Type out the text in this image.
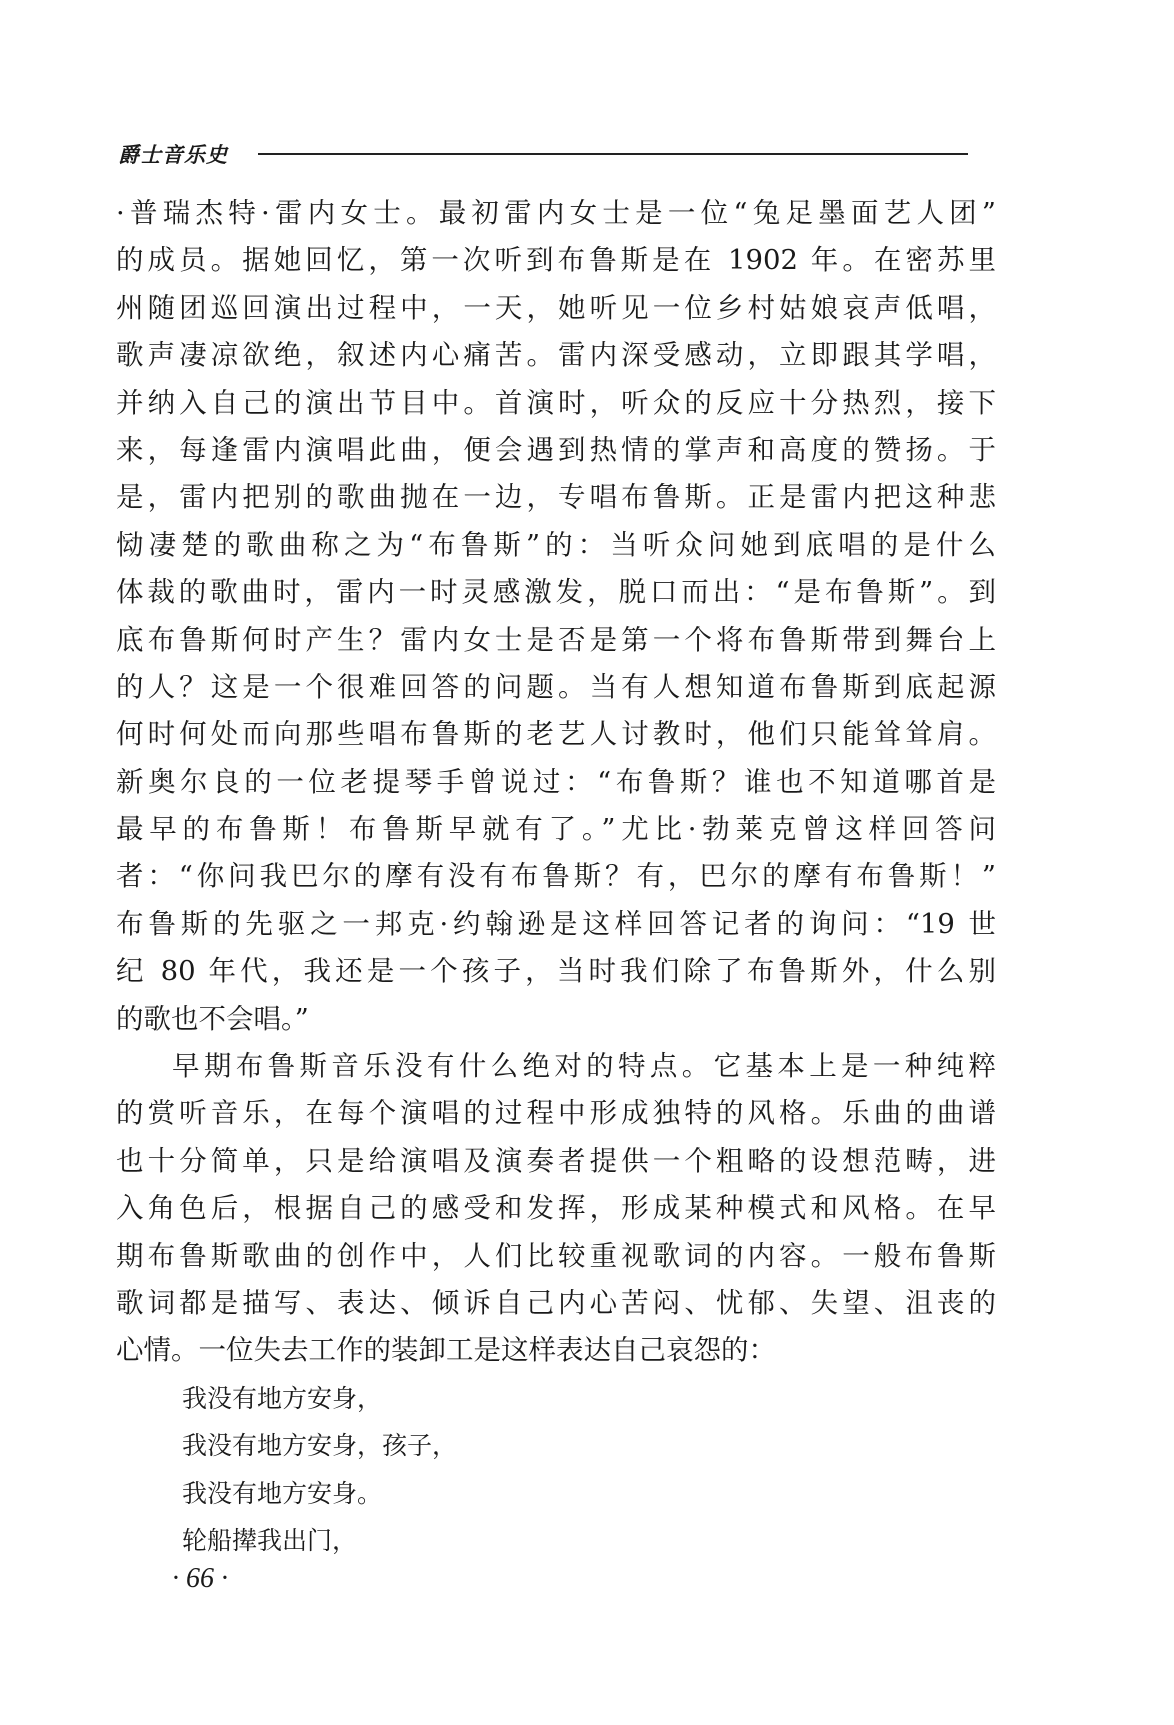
爵士音乐史
·普瑞杰特·雷内女士。最初雷内女士是一位“兔足墨面艺人团”
的成员。据她回忆，第一次听到布鲁斯是在 1902 年。在密苏里
州随团巡回演出过程中，一天，她听见一位乡村姑娘哀声低唱，
歌声凄凉欲绝，叙述内心痛苦。雷内深受感动，立即跟其学唱，
并纳入自己的演出节目中。首演时，听众的反应十分热烈，接下
来，每逢雷内演唱此曲，便会遇到热情的掌声和高度的赞扬。于
是，雷内把别的歌曲抛在一边，专唱布鲁斯。正是雷内把这种悲
恸凄楚的歌曲称之为“布鲁斯”的：当听众问她到底唱的是什么
体裁的歌曲时，雷内一时灵感激发，脱口而出：“是布鲁斯”。到
底布鲁斯何时产生？雷内女士是否是第一个将布鲁斯带到舞台上
的人？这是一个很难回答的问题。当有人想知道布鲁斯到底起源
何时何处而向那些唱布鲁斯的老艺人讨教时，他们只能耸耸肩。
新奥尔良的一位老提琴手曾说过：“布鲁斯？谁也不知道哪首是
最早的布鲁斯！布鲁斯早就有了。”尤比·勃莱克曾这样回答问
者：“你问我巴尔的摩有没有布鲁斯？有，巴尔的摩有布鲁斯！”
布鲁斯的先驱之一邦克·约翰逊是这样回答记者的询问：“19 世
纪 80 年代，我还是一个孩子，当时我们除了布鲁斯外，什么别
的歌也不会唱。”
早期布鲁斯音乐没有什么绝对的特点。它基本上是一种纯粹
的赏听音乐，在每个演唱的过程中形成独特的风格。乐曲的曲谱
也十分简单，只是给演唱及演奏者提供一个粗略的设想范畴，进
入角色后，根据自己的感受和发挥，形成某种模式和风格。在早
期布鲁斯歌曲的创作中，人们比较重视歌词的内容。一般布鲁斯
歌词都是描写、表达、倾诉自己内心苦闷、忧郁、失望、沮丧的
心情。一位失去工作的装卸工是这样表达自己哀怨的：
我没有地方安身，
我没有地方安身，孩子，
我没有地方安身。
轮船撵我出门，
· 66 ·
